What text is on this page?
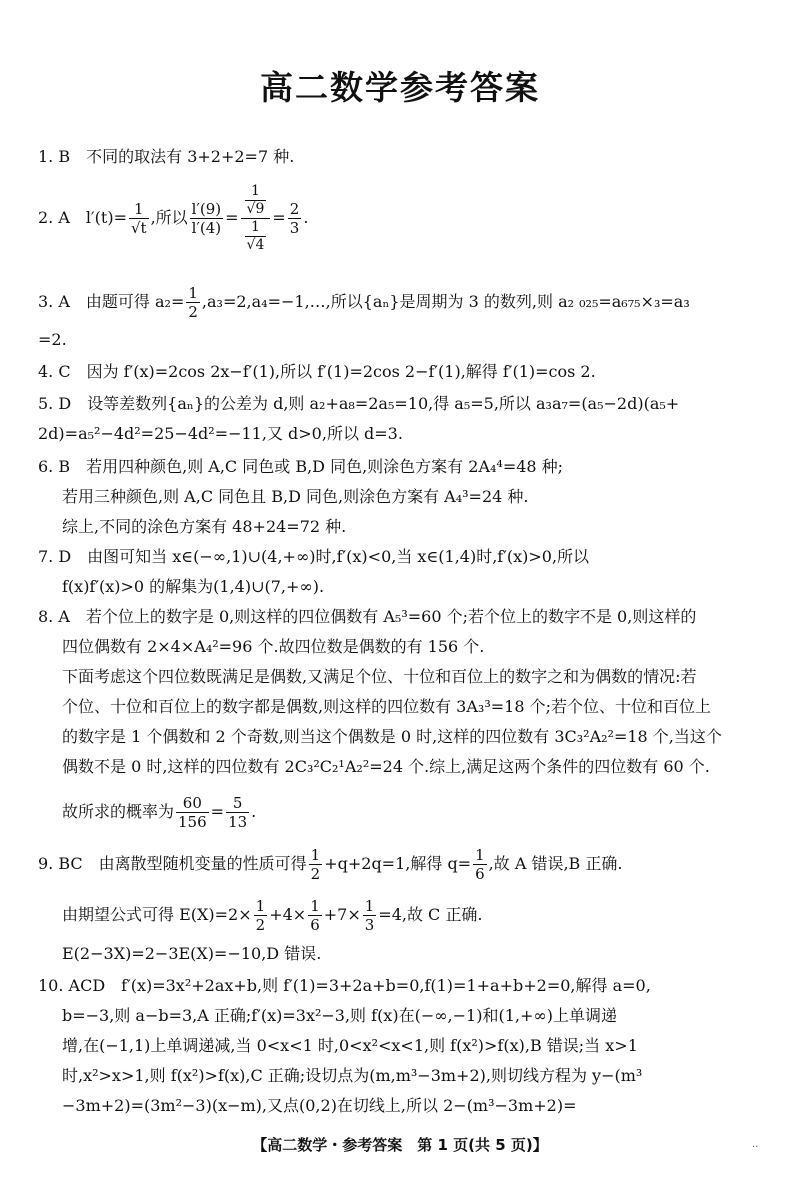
高二数学参考答案
1. B　不同的取法有 3+2+2=7 种.
2. A　$l'(t)= \frac{1}{√t}$ ,所以 $\frac{l'(9)}{l'(4)} = \frac{\frac{1}{√9}}{\frac{1}{√4}} = \frac{2}{3}$ .
3. A　由题可得 $a_2= \frac{1}{2}$ ,a₃=2,a₄=−1,…,所以{aₙ}是周期为 3 的数列,则 a₂ ₀₂₅=a₆₇₅×₃=a₃
=2.
4. C　因为 f′(x)=2cos 2x−f′(1),所以 f′(1)=2cos 2−f′(1),解得 f′(1)=cos 2.
5. D　设等差数列{aₙ}的公差为 d,则 a₂+a₈=2a₅=10,得 a₅=5,所以 a₃a₇=(a₅−2d)(a₅+
2d)=a₅²−4d²=25−4d²=−11,又 d>0,所以 d=3.
6. B　若用四种颜色,则 A,C 同色或 B,D 同色,则涂色方案有 2A₄⁴=48 种;
若用三种颜色,则 A,C 同色且 B,D 同色,则涂色方案有 A₄³=24 种.
综上,不同的涂色方案有 48+24=72 种.
7. D　由图可知当 x∈(−∞,1)∪(4,+∞)时,f′(x)<0,当 x∈(1,4)时,f′(x)>0,所以
f(x)f′(x)>0 的解集为(1,4)∪(7,+∞).
8. A　若个位上的数字是 0,则这样的四位偶数有 A₅³=60 个;若个位上的数字不是 0,则这样的
四位偶数有 2×4×A₄²=96 个.故四位数是偶数的有 156 个.
下面考虑这个四位数既满足是偶数,又满足个位、十位和百位上的数字之和为偶数的情况:若
个位、十位和百位上的数字都是偶数,则这样的四位数有 3A₃³=18 个;若个位、十位和百位上
的数字是 1 个偶数和 2 个奇数,则当这个偶数是 0 时,这样的四位数有 3C₃²A₂²=18 个,当这个
偶数不是 0 时,这样的四位数有 2C₃²C₂¹A₂²=24 个.综上,满足这两个条件的四位数有 60 个.
故所求的概率为 $\frac{60}{156} = \frac{5}{13}$ .
9. BC　由离散型随机变量的性质可得 $\frac{1}{2} +q+2q=1$,解得 $q= \frac{1}{6}$ ,故 A 错误,B 正确.
由期望公式可得 $E(X)=2\times \frac{1}{2} +4\times \frac{1}{6} +7\times \frac{1}{3} =4$,故 C 正确.
E(2−3X)=2−3E(X)=−10,D 错误.
10. ACD　f′(x)=3x²+2ax+b,则 f′(1)=3+2a+b=0,f(1)=1+a+b+2=0,解得 a=0,
b=−3,则 a−b=3,A 正确;f′(x)=3x²−3,则 f(x)在(−∞,−1)和(1,+∞)上单调递
增,在(−1,1)上单调递减,当 0<x<1 时,0<x²<x<1,则 f(x²)>f(x),B 错误;当 x>1
时,x²>x>1,则 f(x²)>f(x),C 正确;设切点为(m,m³−3m+2),则切线方程为 y−(m³
−3m+2)=(3m²−3)(x−m),又点(0,2)在切线上,所以 2−(m³−3m+2)=
【高二数学・参考答案　第 1 页(共 5 页)】	··
